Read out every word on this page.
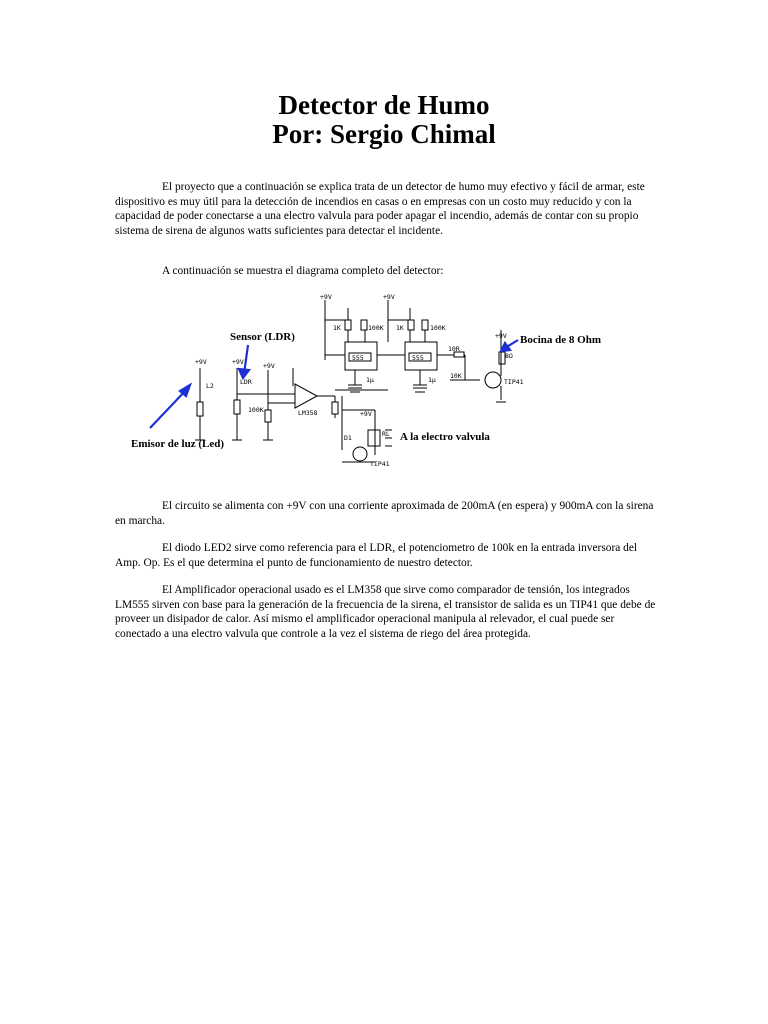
Detector de Humo
Por: Sergio Chimal

El proyecto que a continuación se explica trata de un detector de humo muy efectivo y fácil de armar, este dispositivo es muy útil para la detección de incendios en casas o en empresas con un costo muy reducido y con la capacidad de poder conectarse a una electro valvula para poder apagar el incendio, además de contar con su propio sistema de sirena de algunos watts suficientes para detectar el incidente.

A continuación se muestra el diagrama completo del detector:

+9V	+9V
+9V	+9V	+9V
+9V
+9V
1K	100K 1K	100K
555	555
1µ	1µ
10R
10K
8Ω
TIP41
LDR
100K	LM358
L2
D1	RL
TIP41
Sensor (LDR)
Emisor de luz (Led)
Bocina de 8 Ohm
A la electro valvula

El circuito se alimenta con +9V con una corriente aproximada de 200mA (en espera) y 900mA con la sirena en marcha.

El diodo LED2 sirve como referencia para el LDR, el potenciometro de 100k en la entrada inversora del Amp. Op. Es el que determina el punto de funcionamiento de nuestro detector.

El Amplificador operacional usado es el LM358 que sirve como comparador de tensión, los integrados LM555 sirven con base para la generación de la frecuencia de la sirena, el transistor de salida es un TIP41 que debe de proveer un disipador de calor. Así mismo el amplificador operacional manipula al relevador, el cual puede ser conectado a una electro valvula que controle a la vez el sistema de riego del área protegida.
